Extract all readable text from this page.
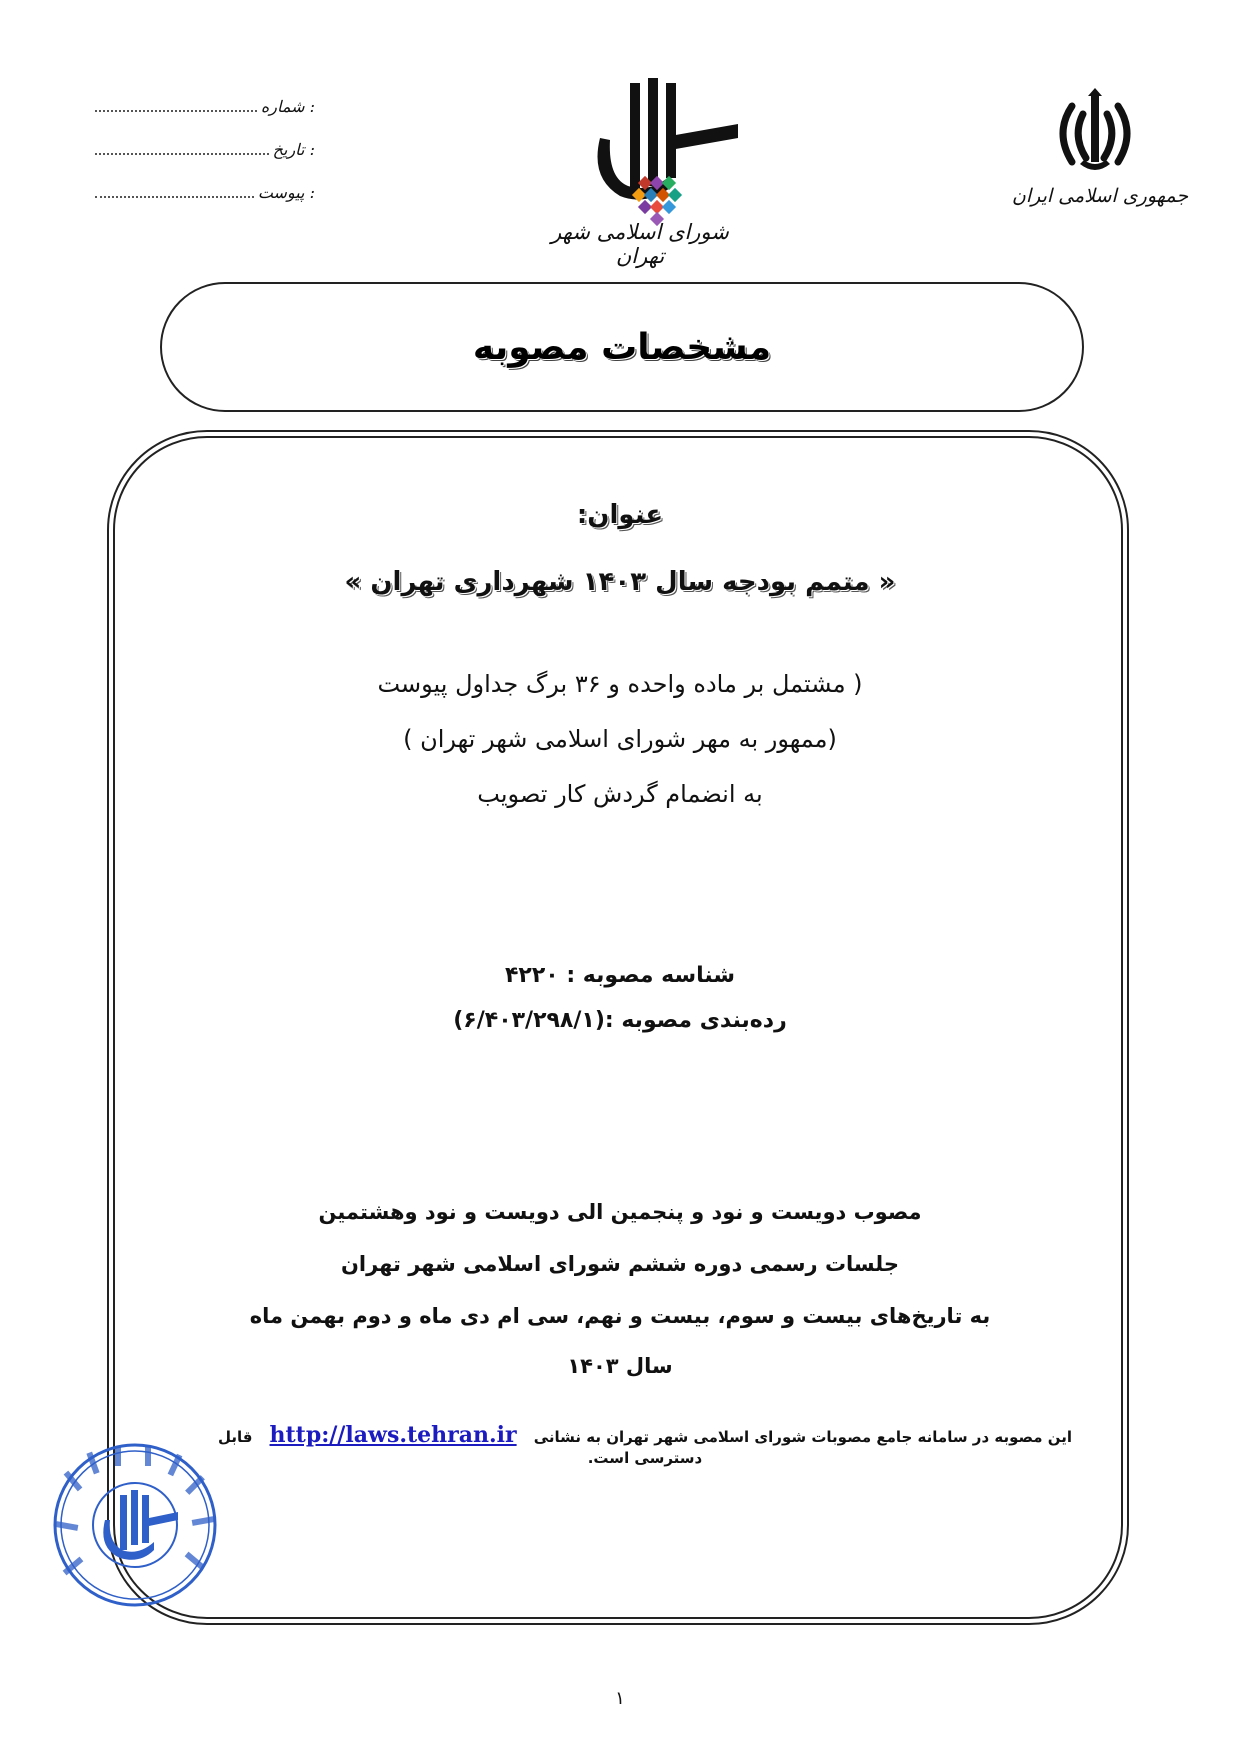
شماره :
تاریخ :
پیوست :
شورای اسلامی شهر تهران
جمهوری اسلامی ایران
مشخصات مصوبه
عنوان:
« متمم بودجه سال ۱۴۰۳ شهرداری تهران »
( مشتمل بر ماده واحده و ۳۶ برگ جداول پیوست
(ممهور به مهر شورای اسلامی شهر تهران )
به انضمام گردش کار تصویب
شناسه مصوبه : ۴۲۲۰
رده‌بندی مصوبه :(۶/۴۰۳/۲۹۸/۱)
مصوب دویست و نود و پنجمین الی دویست و نود وهشتمین
جلسات رسمی دوره ششم شورای اسلامی شهر تهران
به تاریخ‌های بیست و سوم، بیست و نهم، سی ام دی ماه و دوم بهمن ماه
سال ۱۴۰۳
این مصوبه در سامانه جامع مصوبات شورای اسلامی شهر تهران به نشانی http://laws.tehran.ir قابل دسترسی است.
۱
